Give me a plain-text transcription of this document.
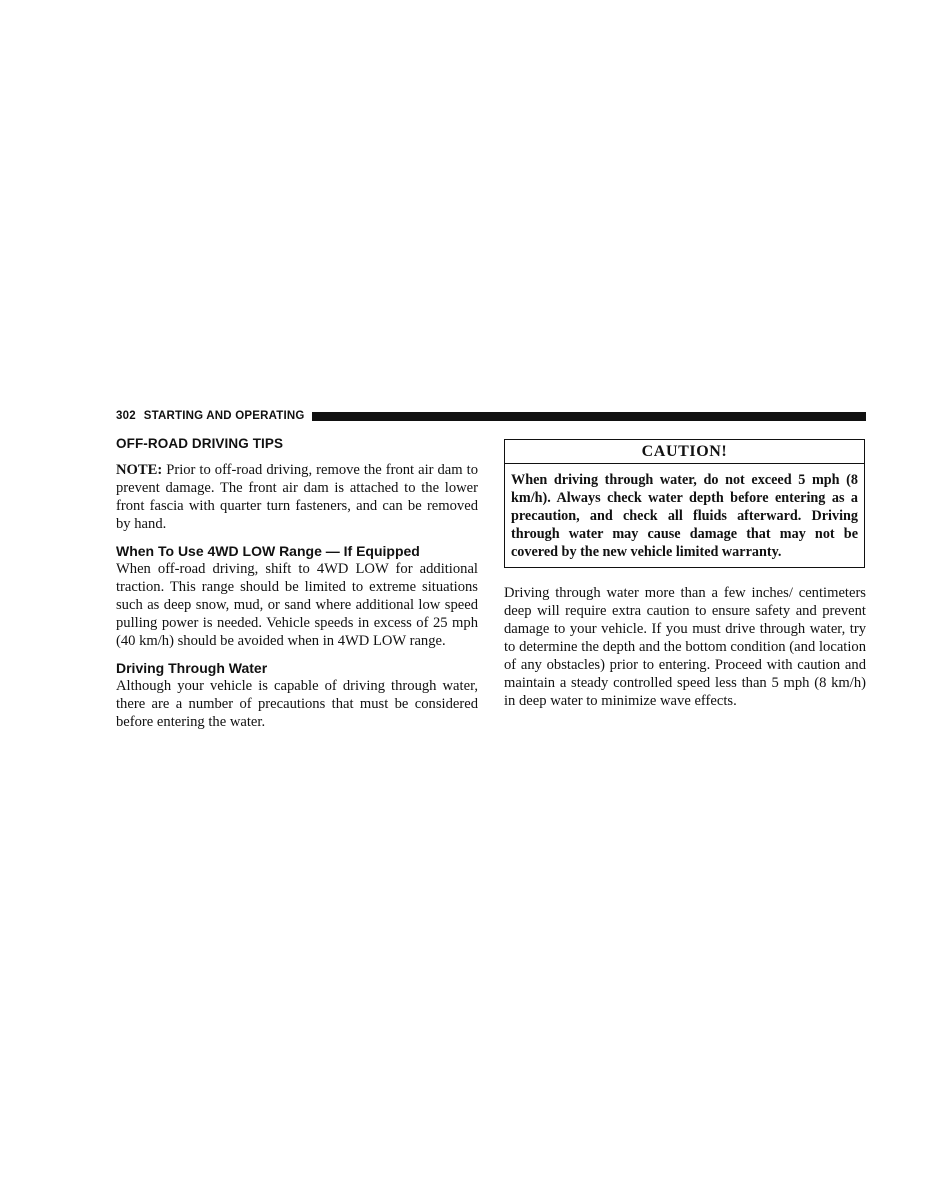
302 STARTING AND OPERATING
OFF-ROAD DRIVING TIPS

NOTE: Prior to off-road driving, remove the front air dam to prevent damage. The front air dam is attached to the lower front fascia with quarter turn fasteners, and can be removed by hand.

When To Use 4WD LOW Range — If Equipped

When off-road driving, shift to 4WD LOW for additional traction. This range should be limited to extreme situations such as deep snow, mud, or sand where additional low speed pulling power is needed. Vehicle speeds in excess of 25 mph (40 km/h) should be avoided when in 4WD LOW range.

Driving Through Water

Although your vehicle is capable of driving through water, there are a number of precautions that must be considered before entering the water.

CAUTION!
When driving through water, do not exceed 5 mph (8 km/h). Always check water depth before entering as a precaution, and check all fluids afterward. Driving through water may cause damage that may not be covered by the new vehicle limited warranty.

Driving through water more than a few inches/ centimeters deep will require extra caution to ensure safety and prevent damage to your vehicle. If you must drive through water, try to determine the depth and the bottom condition (and location of any obstacles) prior to entering. Proceed with caution and maintain a steady controlled speed less than 5 mph (8 km/h) in deep water to minimize wave effects.
